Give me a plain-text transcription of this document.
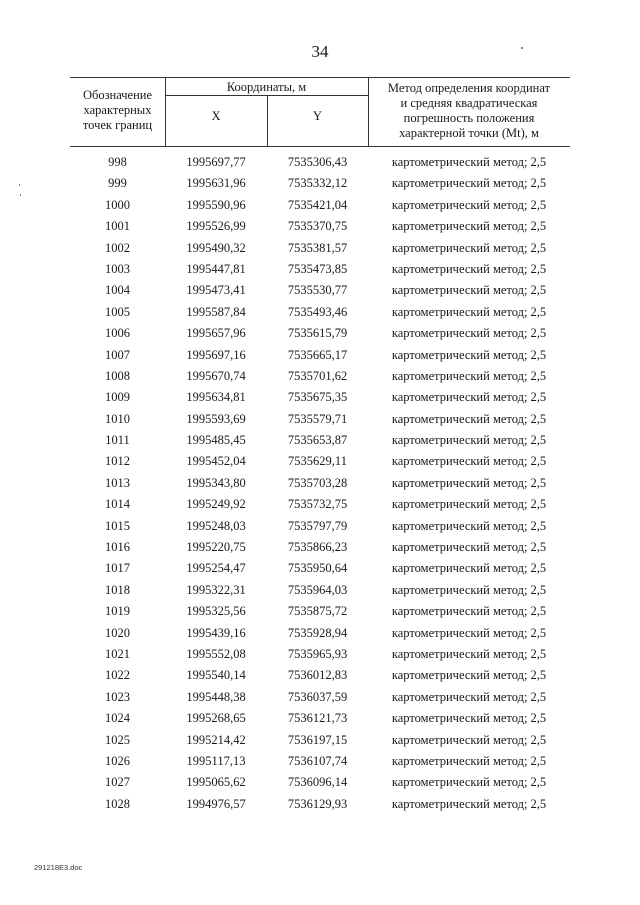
34
Обозначение
характерных
точек границ
Координаты, м
X	Y
Метод определения координат
и средняя квадратическая
погрешность положения
характерной точки (Mt), м
998	1995697,77	7535306,43	картометрический метод; 2,5
999	1995631,96	7535332,12	картометрический метод; 2,5
1000	1995590,96	7535421,04	картометрический метод; 2,5
1001	1995526,99	7535370,75	картометрический метод; 2,5
1002	1995490,32	7535381,57	картометрический метод; 2,5
1003	1995447,81	7535473,85	картометрический метод; 2,5
1004	1995473,41	7535530,77	картометрический метод; 2,5
1005	1995587,84	7535493,46	картометрический метод; 2,5
1006	1995657,96	7535615,79	картометрический метод; 2,5
1007	1995697,16	7535665,17	картометрический метод; 2,5
1008	1995670,74	7535701,62	картометрический метод; 2,5
1009	1995634,81	7535675,35	картометрический метод; 2,5
1010	1995593,69	7535579,71	картометрический метод; 2,5
1011	1995485,45	7535653,87	картометрический метод; 2,5
1012	1995452,04	7535629,11	картометрический метод; 2,5
1013	1995343,80	7535703,28	картометрический метод; 2,5
1014	1995249,92	7535732,75	картометрический метод; 2,5
1015	1995248,03	7535797,79	картометрический метод; 2,5
1016	1995220,75	7535866,23	картометрический метод; 2,5
1017	1995254,47	7535950,64	картометрический метод; 2,5
1018	1995322,31	7535964,03	картометрический метод; 2,5
1019	1995325,56	7535875,72	картометрический метод; 2,5
1020	1995439,16	7535928,94	картометрический метод; 2,5
1021	1995552,08	7535965,93	картометрический метод; 2,5
1022	1995540,14	7536012,83	картометрический метод; 2,5
1023	1995448,38	7536037,59	картометрический метод; 2,5
1024	1995268,65	7536121,73	картометрический метод; 2,5
1025	1995214,42	7536197,15	картометрический метод; 2,5
1026	1995117,13	7536107,74	картометрический метод; 2,5
1027	1995065,62	7536096,14	картометрический метод; 2,5
1028	1994976,57	7536129,93	картометрический метод; 2,5
291218E3.doc
